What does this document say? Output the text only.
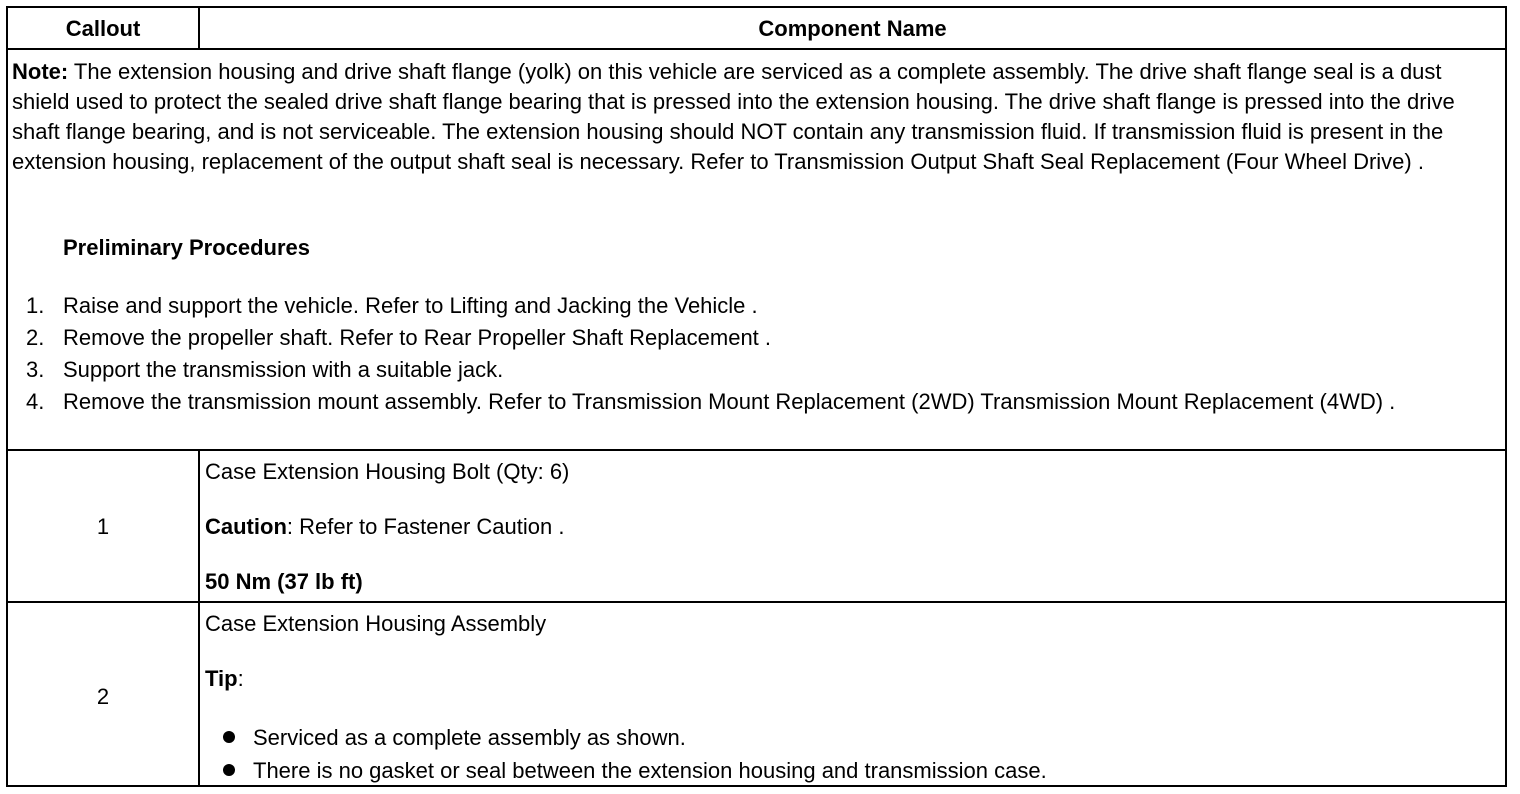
Callout	Component Name
Note: The extension housing and drive shaft flange (yolk) on this vehicle are serviced as a complete assembly. The drive shaft flange seal is a dust shield used to protect the sealed drive shaft flange bearing that is pressed into the extension housing. The drive shaft flange is pressed into the drive shaft flange bearing, and is not serviceable. The extension housing should NOT contain any transmission fluid. If transmission fluid is present in the extension housing, replacement of the output shaft seal is necessary. Refer to Transmission Output Shaft Seal Replacement (Four Wheel Drive) .
Preliminary Procedures
1. Raise and support the vehicle. Refer to Lifting and Jacking the Vehicle .
2. Remove the propeller shaft. Refer to Rear Propeller Shaft Replacement .
3. Support the transmission with a suitable jack.
4. Remove the transmission mount assembly. Refer to Transmission Mount Replacement (2WD) Transmission Mount Replacement (4WD) .
1
Case Extension Housing Bolt (Qty: 6)
Caution: Refer to Fastener Caution .
50 Nm (37 lb ft)
2
Case Extension Housing Assembly
Tip:
Serviced as a complete assembly as shown.
There is no gasket or seal between the extension housing and transmission case.
